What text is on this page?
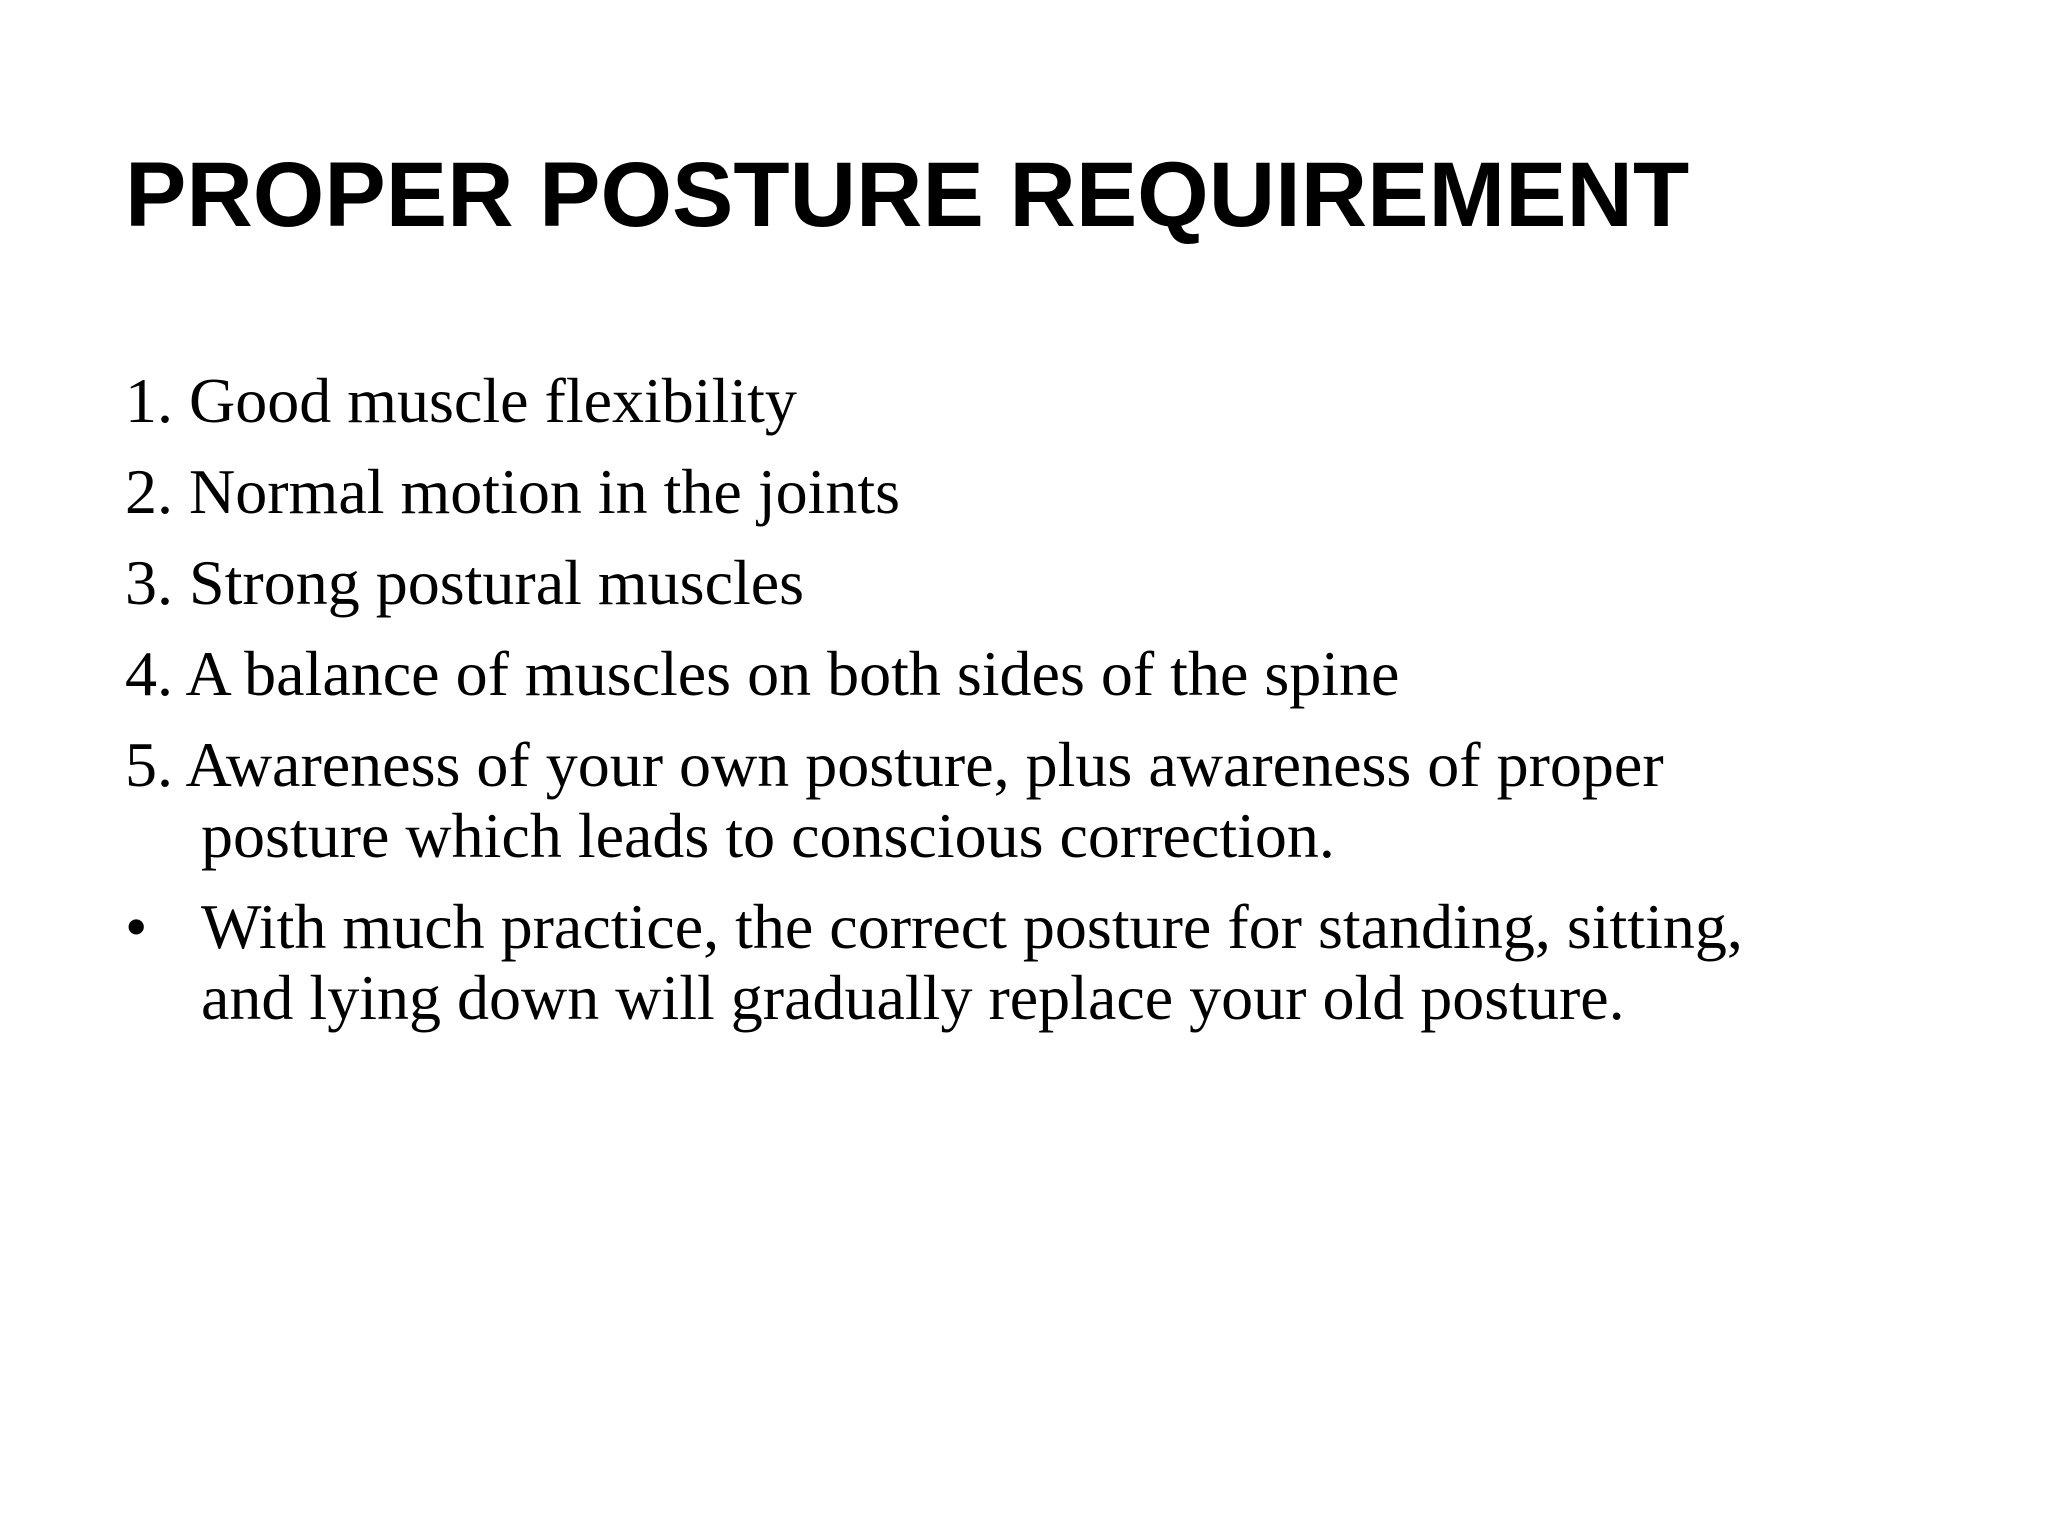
PROPER POSTURE REQUIREMENT
1. Good muscle flexibility
2. Normal motion in the joints
3. Strong postural muscles
4. A balance of muscles on both sides of the spine
5. Awareness of your own posture, plus awareness of proper
posture which leads to conscious correction.
• With much practice, the correct posture for standing, sitting,
and lying down will gradually replace your old posture.
